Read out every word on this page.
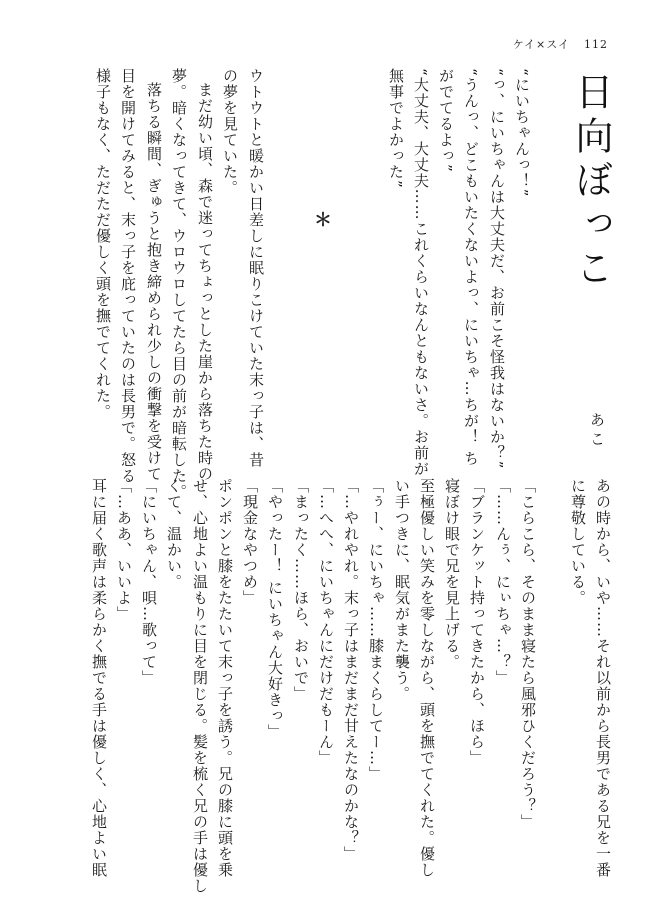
ケイ×スイ 112
日向ぼっこ
あこ
“にいちゃんっ！”
“っ、にいちゃんは大丈夫だ、お前こそ怪我はないか？”
“うんっ、どこもいたくないよっ、にいちゃ…ちが！ ち
がでてるよっ”
“大丈夫、大丈夫……これくらいなんともないさ。お前が
無事でよかった”
＊
ウトウトと暖かい日差しに眠りこけていた末っ子は、昔
の夢を見ていた。
まだ幼い頃、森で迷ってちょっとした崖から落ちた時の
夢。暗くなってきて、ウロウロしてたら目の前が暗転した。
落ちる瞬間、ぎゅうと抱き締められ少しの衝撃を受けて
目を開けてみると、末っ子を庇っていたのは長男で。怒る
様子もなく、ただただ優しく頭を撫でてくれた。
あの時から、いや……それ以前から長男である兄を一番
に尊敬している。
「こらこら、そのまま寝たら風邪ひくだろう？」
「……んぅ、にぃちゃ…？」
「ブランケット持ってきたから、ほら」
寝ぼけ眼で兄を見上げる。
至極優しい笑みを零しながら、頭を撫でてくれた。優し
い手つきに、眠気がまた襲う。
「ぅー、にいちゃ……膝まくらしてー…」
「…やれやれ。末っ子はまだまだ甘えたなのかな？」
「…へへ、にいちゃんにだけだもーん」
「まったく……ほら、おいで」
「やったー！ にいちゃん大好きっ」
「現金なやつめ」
ポンポンと膝をたたいて末っ子を誘う。兄の膝に頭を乗
せ、心地よい温もりに目を閉じる。髪を梳く兄の手は優し
くて、温かい。
「にいちゃん、唄…歌って」
「…ああ、いいよ」
耳に届く歌声は柔らかく撫でる手は優しく、心地よい眠
